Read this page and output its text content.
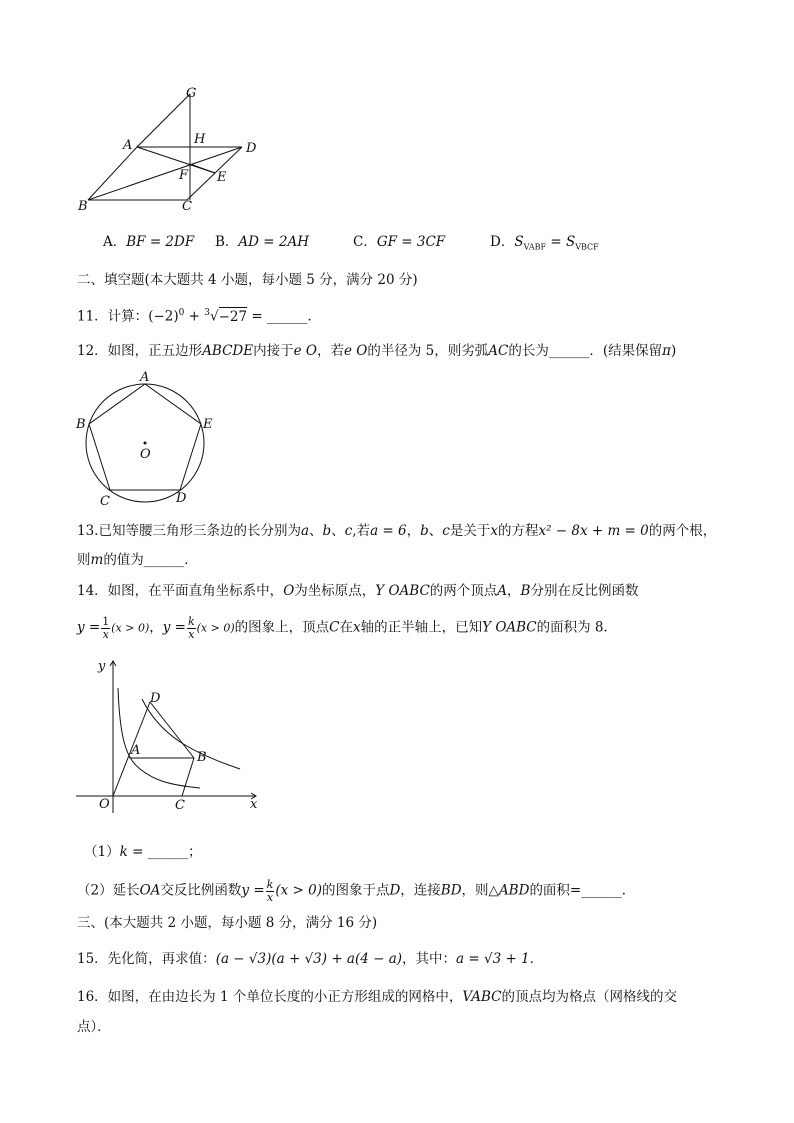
G
A	H
D
F E
B	C
A．BF = 2DF B．AD = 2AH	C．GF = 3CF	D．$S_{VABF} = S_{VBCF}$
二、填空题(本大题共 4 小题，每小题 5 分，满分 20 分)
11．计算：$(-2)^0 + ^3√-27$ = ______．
12．如图，正五边形ABCDE内接于e O，若e O的半径为 5，则劣弧AC的长为______．(结果保留π)
A
B	E
O
C	D
13.已知等腰三角形三条边的长分别为a、b、c,若a = 6，b、c是关于x的方程x² − 8x + m = 0的两个根，
则m的值为______．
14．如图，在平面直角坐标系中，O为坐标原点，Y OABC的两个顶点A，B分别在反比例函数
$y = \frac{1}{x} (x > 0)$，$y = \frac{k}{x} (x > 0)$的图象上，顶点C在x轴的正半轴上，已知Y OABC的面积为 8．
y
x
O
A	B
C
D
（1）k = ______；
（2）延长OA交反比例函数$y = \frac{k}{x} (x > 0)$的图象于点D，连接BD，则△ABD的面积=______．
三、(本大题共 2 小题，每小题 8 分，满分 16 分)
15．先化简，再求值：(a − √3)(a + √3) + a(4 − a)，其中：a = √3 + 1．
16．如图，在由边长为 1 个单位长度的小正方形组成的网格中，VABC的顶点均为格点（网格线的交
点）．
